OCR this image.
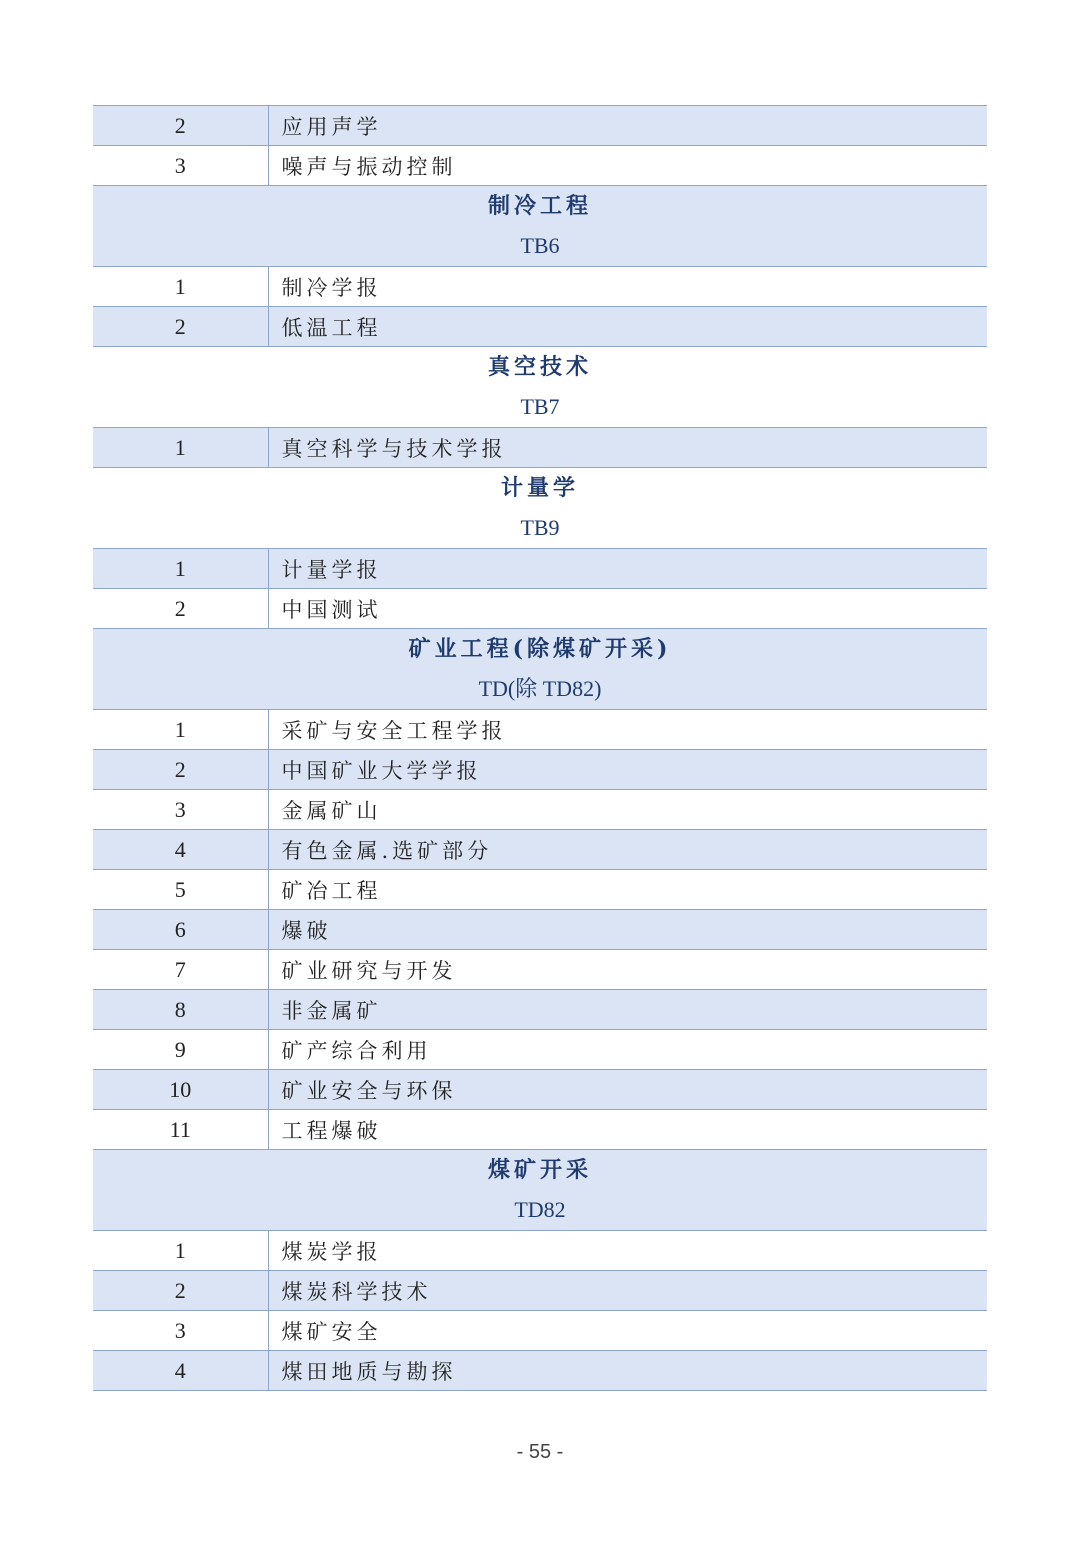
2	应用声学
3	噪声与振动控制

制冷工程
TB6	

1	制冷学报
2	低温工程

真空技术
TB7	

1	真空科学与技术学报

计量学
TB9	

1	计量学报
2	中国测试

矿业工程(除煤矿开采)
TD(除 TD82)	

1	采矿与安全工程学报
2	中国矿业大学学报
3	金属矿山
4	有色金属.选矿部分
5	矿冶工程
6	爆破
7	矿业研究与开发
8	非金属矿
9	矿产综合利用
10	矿业安全与环保
11	工程爆破

煤矿开采
TD82	

1	煤炭学报
2	煤炭科学技术
3	煤矿安全
4	煤田地质与勘探
- 55 -
